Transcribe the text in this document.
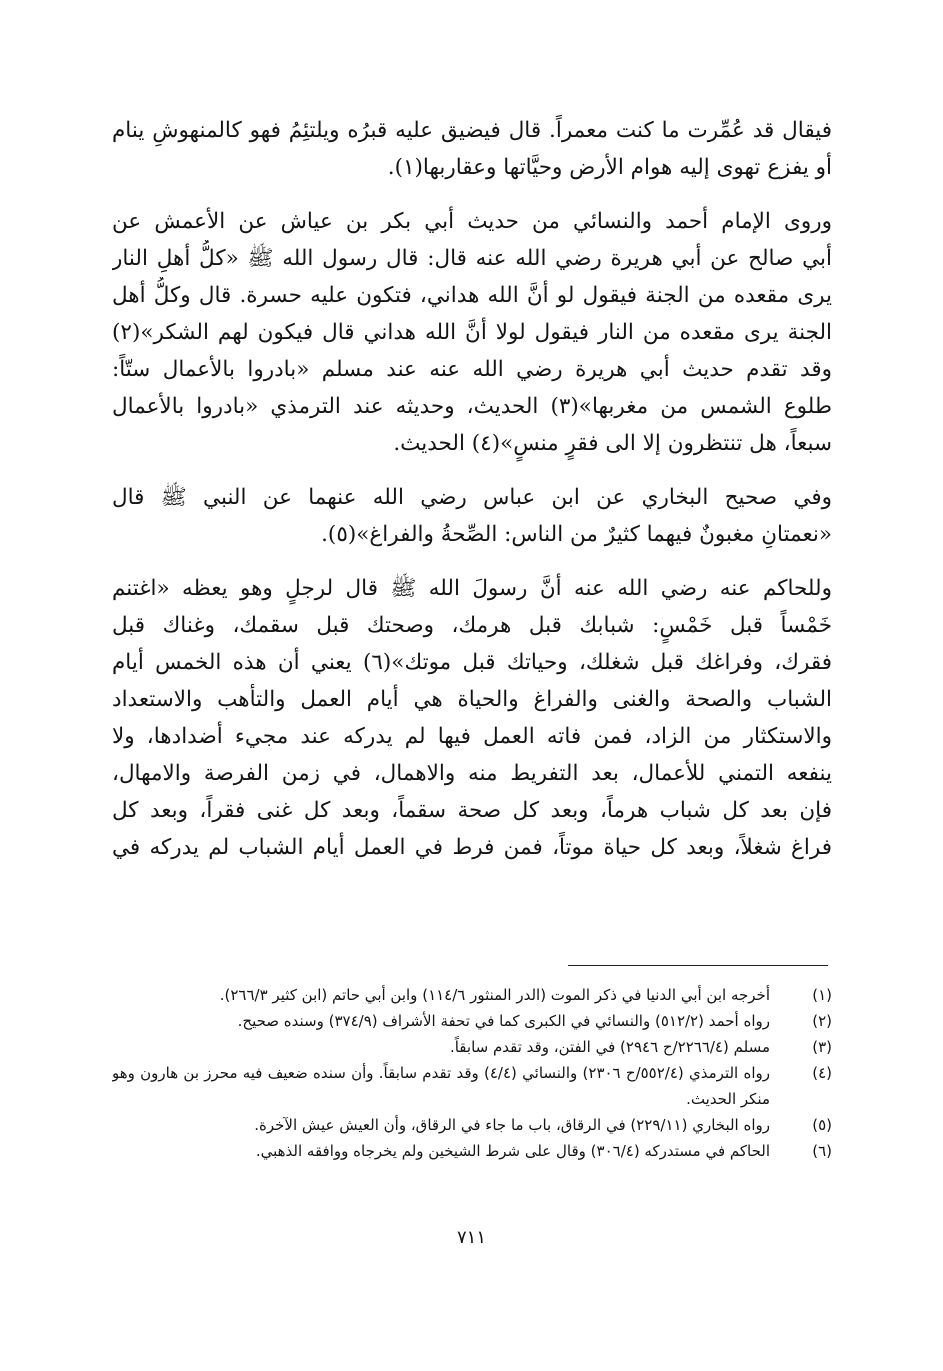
فيقال قد عُمِّرت ما كنت معمراً. قال فيضيق عليه قبرُه ويلتئِمُ فهو كالمنهوشِ ينام
أو يفزع تهوى إليه هوام الأرض وحيَّاتها وعقاربها(١).
وروى الإمام أحمد والنسائي من حديث أبي بكر بن عياش عن الأعمش عن
أبي صالح عن أبي هريرة رضي الله عنه قال: قال رسول الله ﷺ «كلُّ أهلِ النار
يرى مقعده من الجنة فيقول لو أنَّ الله هداني، فتكون عليه حسرة. قال وكلُّ أهل
الجنة يرى مقعده من النار فيقول لولا أنَّ الله هداني قال فيكون لهم الشكر»(٢)
وقد تقدم حديث أبي هريرة رضي الله عنه عند مسلم «بادروا بالأعمال ستّاً:
طلوع الشمس من مغربها»(٣) الحديث، وحديثه عند الترمذي «بادروا بالأعمال
سبعاً، هل تنتظرون إلا الى فقرٍ منسٍ»(٤) الحديث.
وفي صحيح البخاري عن ابن عباس رضي الله عنهما عن النبي ﷺ قال
«نعمتانِ مغبونٌ فيهما كثيرٌ من الناس: الصِّحةُ والفراغ»(٥).
وللحاكم عنه رضي الله عنه أنَّ رسولَ الله ﷺ قال لرجلٍ وهو يعظه «اغتنم
خَمْساً قبل خَمْسٍ: شبابك قبل هرمك، وصحتك قبل سقمك، وغناك قبل
فقرك، وفراغك قبل شغلك، وحياتك قبل موتك»(٦) يعني أن هذه الخمس أيام
الشباب والصحة والغنى والفراغ والحياة هي أيام العمل والتأهب والاستعداد
والاستكثار من الزاد، فمن فاته العمل فيها لم يدركه عند مجيء أضدادها، ولا
ينفعه التمني للأعمال، بعد التفريط منه والاهمال، في زمن الفرصة والامهال،
فإن بعد كل شباب هرماً، وبعد كل صحة سقماً، وبعد كل غنى فقراً، وبعد كل
فراغ شغلاً، وبعد كل حياة موتاً، فمن فرط في العمل أيام الشباب لم يدركه في
(١)
أخرجه ابن أبي الدنيا في ذكر الموت (الدر المنثور ١١٤/٦) وابن أبي حاتم (ابن كثير ٢٦٦/٣).
(٢)
رواه أحمد (٥١٢/٢) والنسائي في الكبرى كما في تحفة الأشراف (٣٧٤/٩) وسنده صحيح.
(٣)
مسلم (٢٢٦٦/٤/ح ٢٩٤٦) في الفتن، وقد تقدم سابقاً.
(٤)
رواه الترمذي (٥٥٢/٤/ح ٢٣٠٦) والنسائي (٤/٤) وقد تقدم سابقاً. وأن سنده ضعيف فيه محرز بن هارون وهو منكر الحديث.
(٥)
رواه البخاري (٢٢٩/١١) في الرقاق، باب ما جاء في الرقاق، وأن العيش عيش الآخرة.
(٦)
الحاكم في مستدركه (٣٠٦/٤) وقال على شرط الشيخين ولم يخرجاه ووافقه الذهبي.
٧١١
